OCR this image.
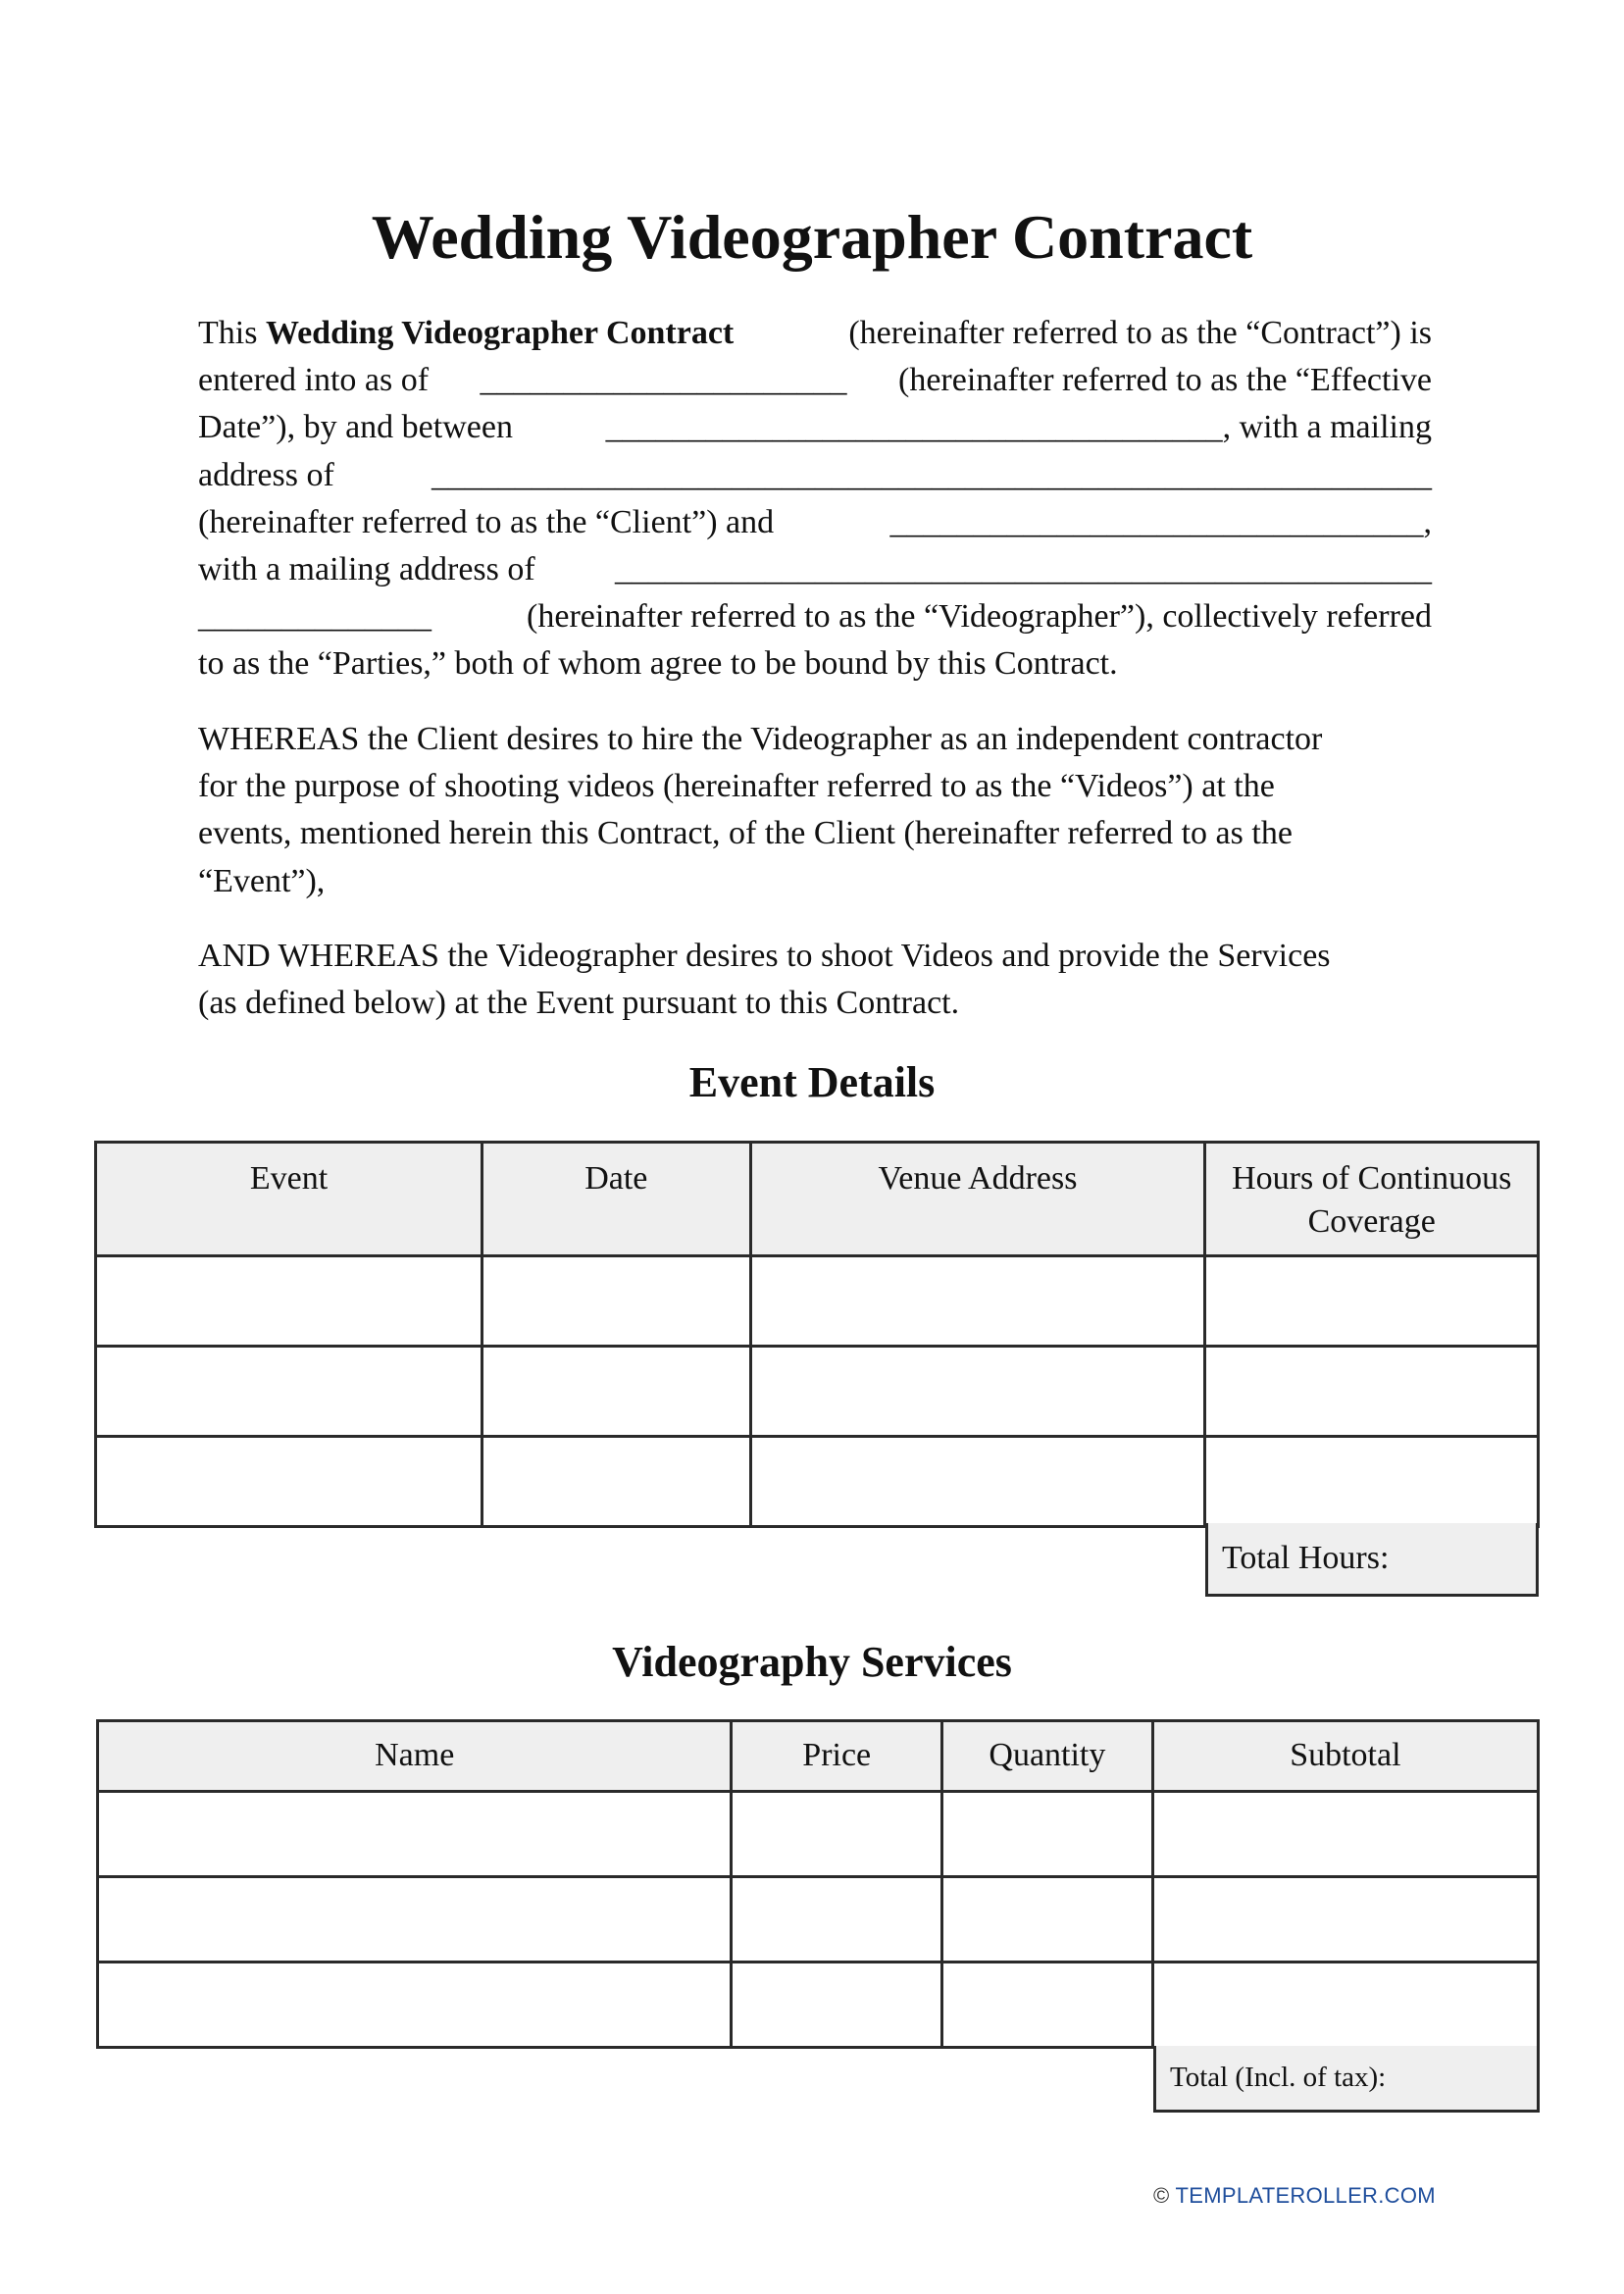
Wedding Videographer Contract
This Wedding Videographer Contract	(hereinafter referred to as the “Contract”) is
entered into as of ______________________ (hereinafter referred to as the “Effective
Date”), by and between	_____________________________________ , with a mailing
address of	____________________________________________________________
(hereinafter referred to as the “Client”) and	________________________________ ,
with a mailing address of _________________________________________________
______________	(hereinafter referred to as the “Videographer”), collectively referred
to as the “Parties,” both of whom agree to be bound by this Contract.
WHEREAS the Client desires to hire the Videographer as an independent contractor
for the purpose of shooting videos (hereinafter referred to as the “Videos”) at the
events, mentioned herein this Contract, of the Client (hereinafter referred to as the
“Event”),
AND WHEREAS the Videographer desires to shoot Videos and provide the Services
(as defined below) at the Event pursuant to this Contract.
Event Details
Event	Date	Venue Address	Hours of Continuous Coverage

Total Hours:
Videography Services
Name	Price	Quantity	Subtotal

Total (Incl. of tax):
© TEMPLATEROLLER.COM
